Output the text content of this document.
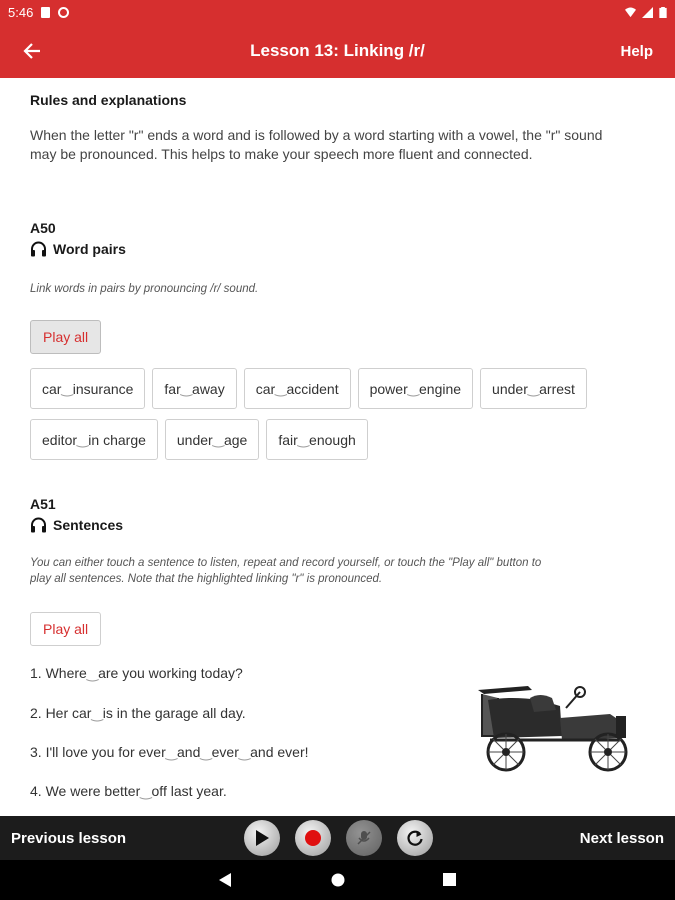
5:46
Lesson 13: Linking /r/	Help
Rules and explanations
When the letter "r" ends a word and is followed by a word starting with a vowel, the "r" sound may be pronounced. This helps to make your speech more fluent and connected.
A50
Word pairs
Link words in pairs by pronouncing /r/ sound.
Play all
car ‿ insurance far ‿ away car ‿ accident power ‿ engine under ‿ arrest
editor ‿ in charge under ‿ age fair ‿ enough
A51
Sentences
You can either touch a sentence to listen, repeat and record yourself, or touch the "Play all" button to
play all sentences. Note that the highlighted linking "r" is pronounced.
Play all
1. Where‿are you working today?
2. Her car‿is in the garage all day.
3. I'll love you for ever‿and‿ever‿and ever!
4. We were better‿off last year.
Previous lesson	Next lesson
